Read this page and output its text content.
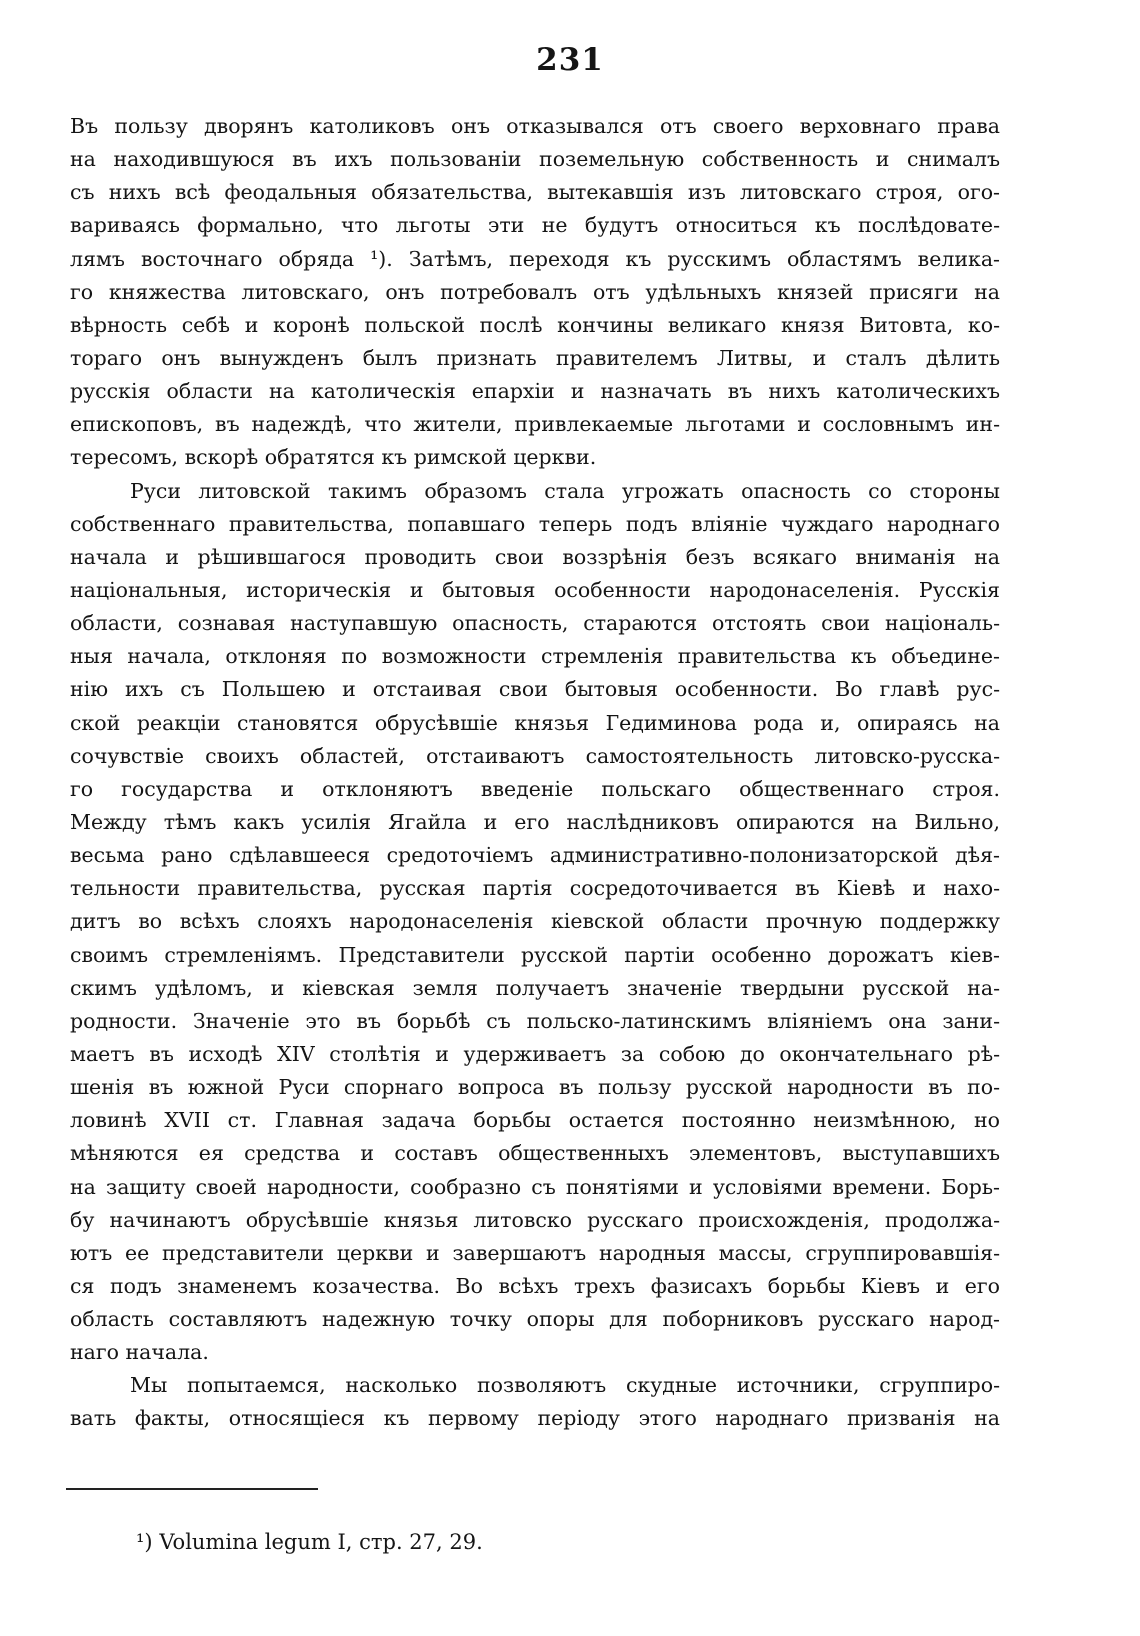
231
Въ пользу дворянъ католиковъ онъ отказывался отъ своего верховнаго права
на находившуюся въ ихъ пользованіи поземельную собственность и снималъ
съ нихъ всѣ феодальныя обязательства, вытекавшія изъ литовскаго строя, ого-
вариваясь формально, что льготы эти не будутъ относиться къ послѣдовате-
лямъ восточнаго обряда ¹). Затѣмъ, переходя къ русскимъ областямъ велика-
го княжества литовскаго, онъ потребовалъ отъ удѣльныхъ князей присяги на
вѣрность себѣ и коронѣ польской послѣ кончины великаго князя Витовта, ко-
тораго онъ вынужденъ былъ признать правителемъ Литвы, и сталъ дѣлить
русскія области на католическія епархіи и назначать въ нихъ католическихъ
епископовъ, въ надеждѣ, что жители, привлекаемые льготами и сословнымъ ин-
тересомъ, вскорѣ обратятся къ римской церкви.
Руси литовской такимъ образомъ стала угрожать опасность со стороны
собственнаго правительства, попавшаго теперь подъ вліяніе чуждаго народнаго
начала и рѣшившагося проводить свои воззрѣнія безъ всякаго вниманія на
національныя, историческія и бытовыя особенности народонаселенія. Русскія
области, сознавая наступавшую опасность, стараются отстоять свои національ-
ныя начала, отклоняя по возможности стремленія правительства къ объедине-
нію ихъ съ Польшею и отстаивая свои бытовыя особенности. Во главѣ рус-
ской реакціи становятся обрусѣвшіе князья Гедиминова рода и, опираясь на
сочувствіе своихъ областей, отстаиваютъ самостоятельность литовско-русска-
го государства и отклоняютъ введеніе польскаго общественнаго строя.
Между тѣмъ какъ усилія Ягайла и его наслѣдниковъ опираются на Вильно,
весьма рано сдѣлавшееся средоточіемъ административно-полонизаторской дѣя-
тельности правительства, русская партія сосредоточивается въ Кіевѣ и нахо-
дитъ во всѣхъ слояхъ народонаселенія кіевской области прочную поддержку
своимъ стремленіямъ. Представители русской партіи особенно дорожатъ кіев-
скимъ удѣломъ, и кіевская земля получаетъ значеніе твердыни русской на-
родности. Значеніе это въ борьбѣ съ польско-латинскимъ вліяніемъ она зани-
маетъ въ исходѣ XIV столѣтія и удерживаетъ за собою до окончательнаго рѣ-
шенія въ южной Руси спорнаго вопроса въ пользу русской народности въ по-
ловинѣ XVII ст. Главная задача борьбы остается постоянно неизмѣнною, но
мѣняются ея средства и составъ общественныхъ элементовъ, выступавшихъ
на защиту своей народности, сообразно съ понятіями и условіями времени. Борь-
бу начинаютъ обрусѣвшіе князья литовско русскаго происхожденія, продолжа-
ютъ ее представители церкви и завершаютъ народныя массы, сгруппировавшія-
ся подъ знаменемъ козачества. Во всѣхъ трехъ фазисахъ борьбы Кіевъ и его
область составляютъ надежную точку опоры для поборниковъ русскаго народ-
наго начала.
Мы попытаемся, насколько позволяютъ скудные источники, сгруппиро-
вать факты, относящіеся къ первому періоду этого народнаго призванія на
¹) Volumina legum I, стр. 27, 29.
